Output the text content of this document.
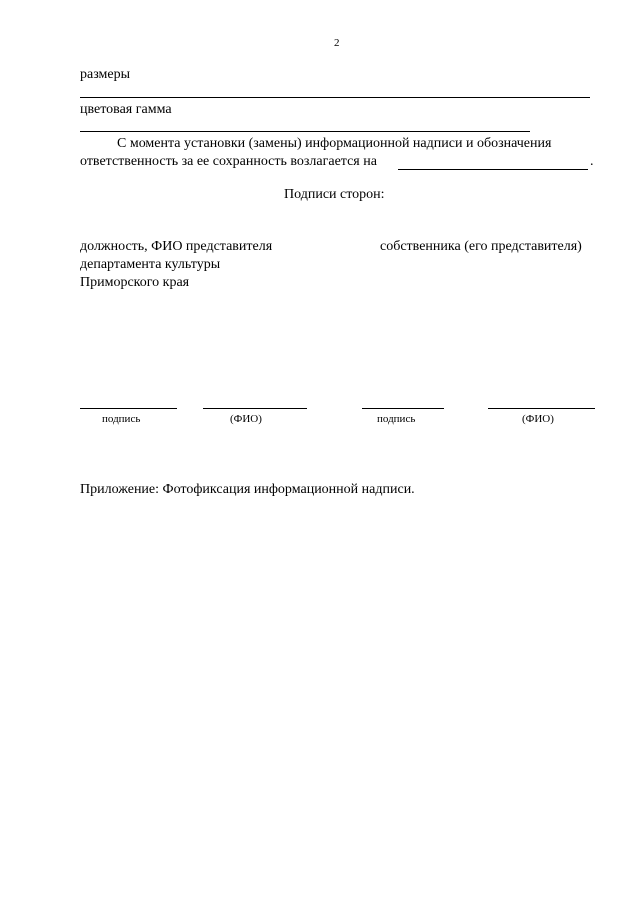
2
размеры
цветовая гамма
С момента установки (замены) информационной надписи и обозначения
ответственность за ее сохранность возлагается на	.
Подписи сторон:
должность, ФИО представителя
департамента культуры
Приморского края
собственника (его представителя)
подпись	(ФИО)	подпись	(ФИО)
Приложение: Фотофиксация информационной надписи.
